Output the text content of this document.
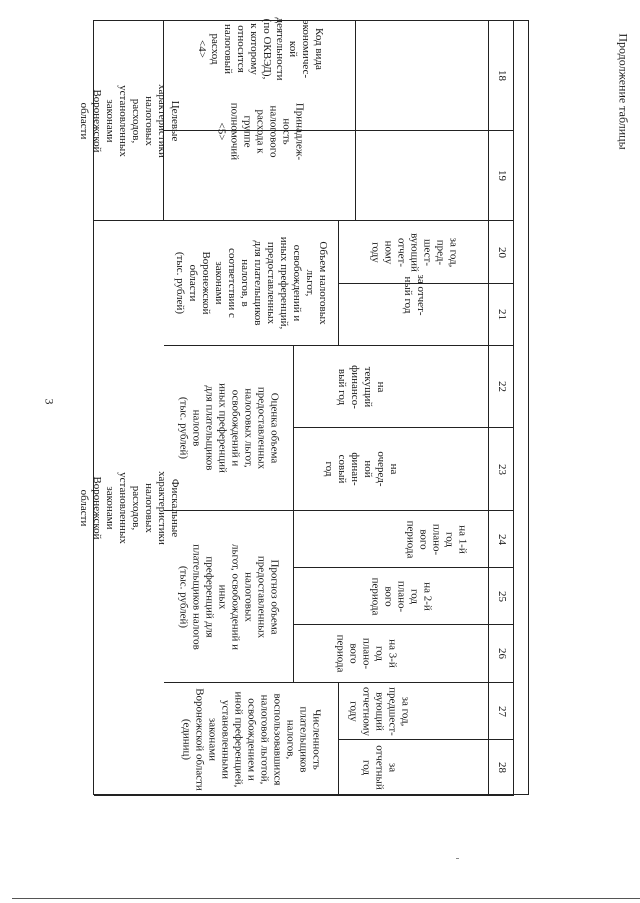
3
Продолжение таблицы
Целевые характеристики
налоговых расходов,
установленных законами
Воронежской области
Фискальные характеристики
налоговых расходов, установленных законами Воронежской области
Код вида
экономичес-
кой
деятельности
(по ОКВЭД),
к которому
относится
налоговый
расход
<4>
Принадлеж-
ность
налогового
расхода к
группе
полномочий
<5>
Объем налоговых
льгот,
освобождений и
иных преференций,
предоставленных
для плательщиков
налогов, в
соответствии с
законами
Воронежской
области
(тыс. рублей)
Оценка объема
предоставленных
налоговых льгот,
освобождений и
иных преференций
для плательщиков
налогов
(тыс. рублей)
Прогноз объема
предоставленных налоговых
льгот, освобождений и иных
преференций для
плательщиков налогов
(тыс. рублей)
Численность
плательщиков
налогов,
воспользовавшихся
налоговой льготой,
освобождением и
иной преференцией,
установленными
законами
Воронежской области
(единиц)
за год,
пред-
шест-
вующий
отчет-
ному
году
за отчет-
ный год
на
текущий
финансо-
вый год
на
очеред-
ной
финан-
совый
год
на 1-й
год
плано-
вого
периода
на 2-й
год
плано-
вого
периода
на 3-й
год
плано-
вого
периода
за год,
предшест-
вующий
отчетному
году
за
отчетный
год
18
19
20
21
22
23
24
25
26
27
28
